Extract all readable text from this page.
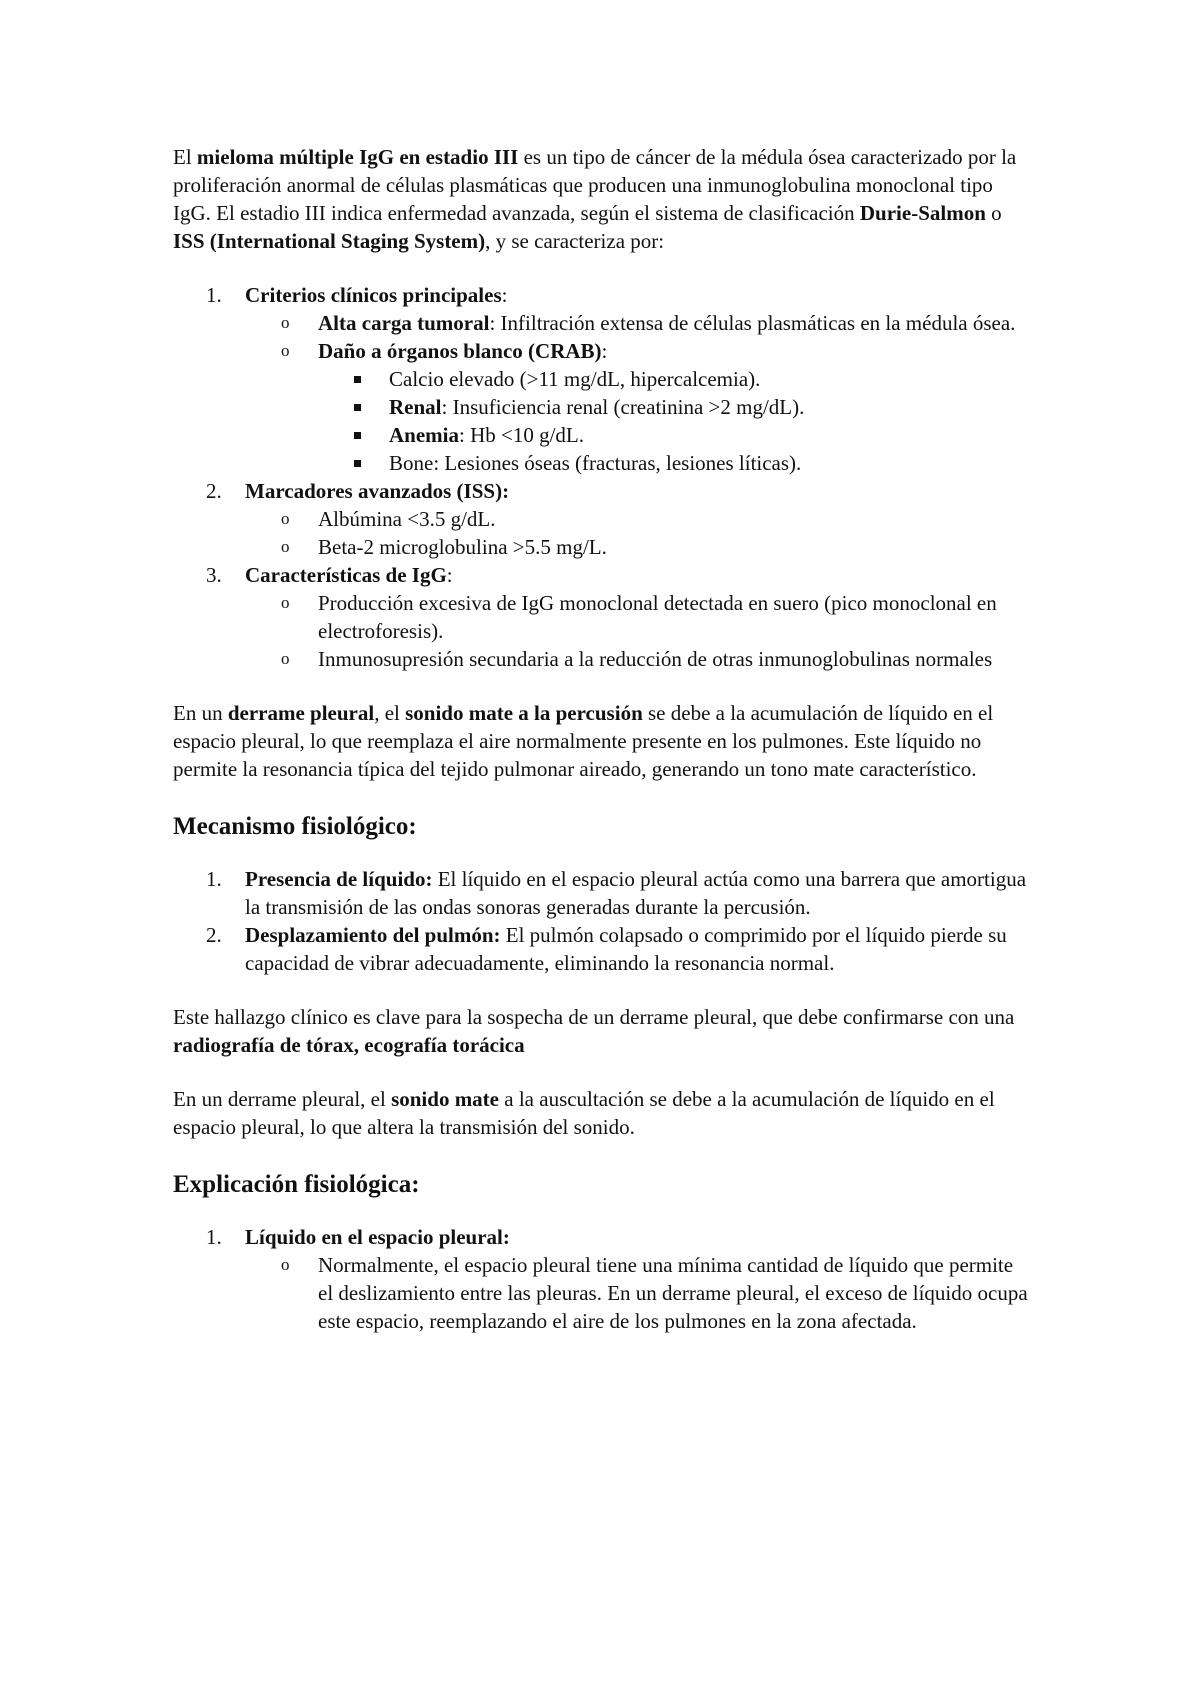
El mieloma múltiple IgG en estadio III es un tipo de cáncer de la médula ósea caracterizado por la proliferación anormal de células plasmáticas que producen una inmunoglobulina monoclonal tipo IgG. El estadio III indica enfermedad avanzada, según el sistema de clasificación Durie-Salmon o ISS (International Staging System), y se caracteriza por:

1. Criterios clínicos principales:
o Alta carga tumoral: Infiltración extensa de células plasmáticas en la médula ósea.
o Daño a órganos blanco (CRAB):
Calcio elevado (>11 mg/dL, hipercalcemia).
Renal: Insuficiencia renal (creatinina >2 mg/dL).
Anemia: Hb <10 g/dL.
Bone: Lesiones óseas (fracturas, lesiones líticas).
2. Marcadores avanzados (ISS):
o Albúmina <3.5 g/dL.
o Beta-2 microglobulina >5.5 mg/L.
3. Características de IgG:
o Producción excesiva de IgG monoclonal detectada en suero (pico monoclonal en electroforesis).
o Inmunosupresión secundaria a la reducción de otras inmunoglobulinas normales

En un derrame pleural, el sonido mate a la percusión se debe a la acumulación de líquido en el espacio pleural, lo que reemplaza el aire normalmente presente en los pulmones. Este líquido no permite la resonancia típica del tejido pulmonar aireado, generando un tono mate característico.

Mecanismo fisiológico:
1. Presencia de líquido: El líquido en el espacio pleural actúa como una barrera que amortigua la transmisión de las ondas sonoras generadas durante la percusión.
2. Desplazamiento del pulmón: El pulmón colapsado o comprimido por el líquido pierde su capacidad de vibrar adecuadamente, eliminando la resonancia normal.

Este hallazgo clínico es clave para la sospecha de un derrame pleural, que debe confirmarse con una radiografía de tórax, ecografía torácica

En un derrame pleural, el sonido mate a la auscultación se debe a la acumulación de líquido en el espacio pleural, lo que altera la transmisión del sonido.

Explicación fisiológica:
1. Líquido en el espacio pleural:
o Normalmente, el espacio pleural tiene una mínima cantidad de líquido que permite el deslizamiento entre las pleuras. En un derrame pleural, el exceso de líquido ocupa este espacio, reemplazando el aire de los pulmones en la zona afectada.
